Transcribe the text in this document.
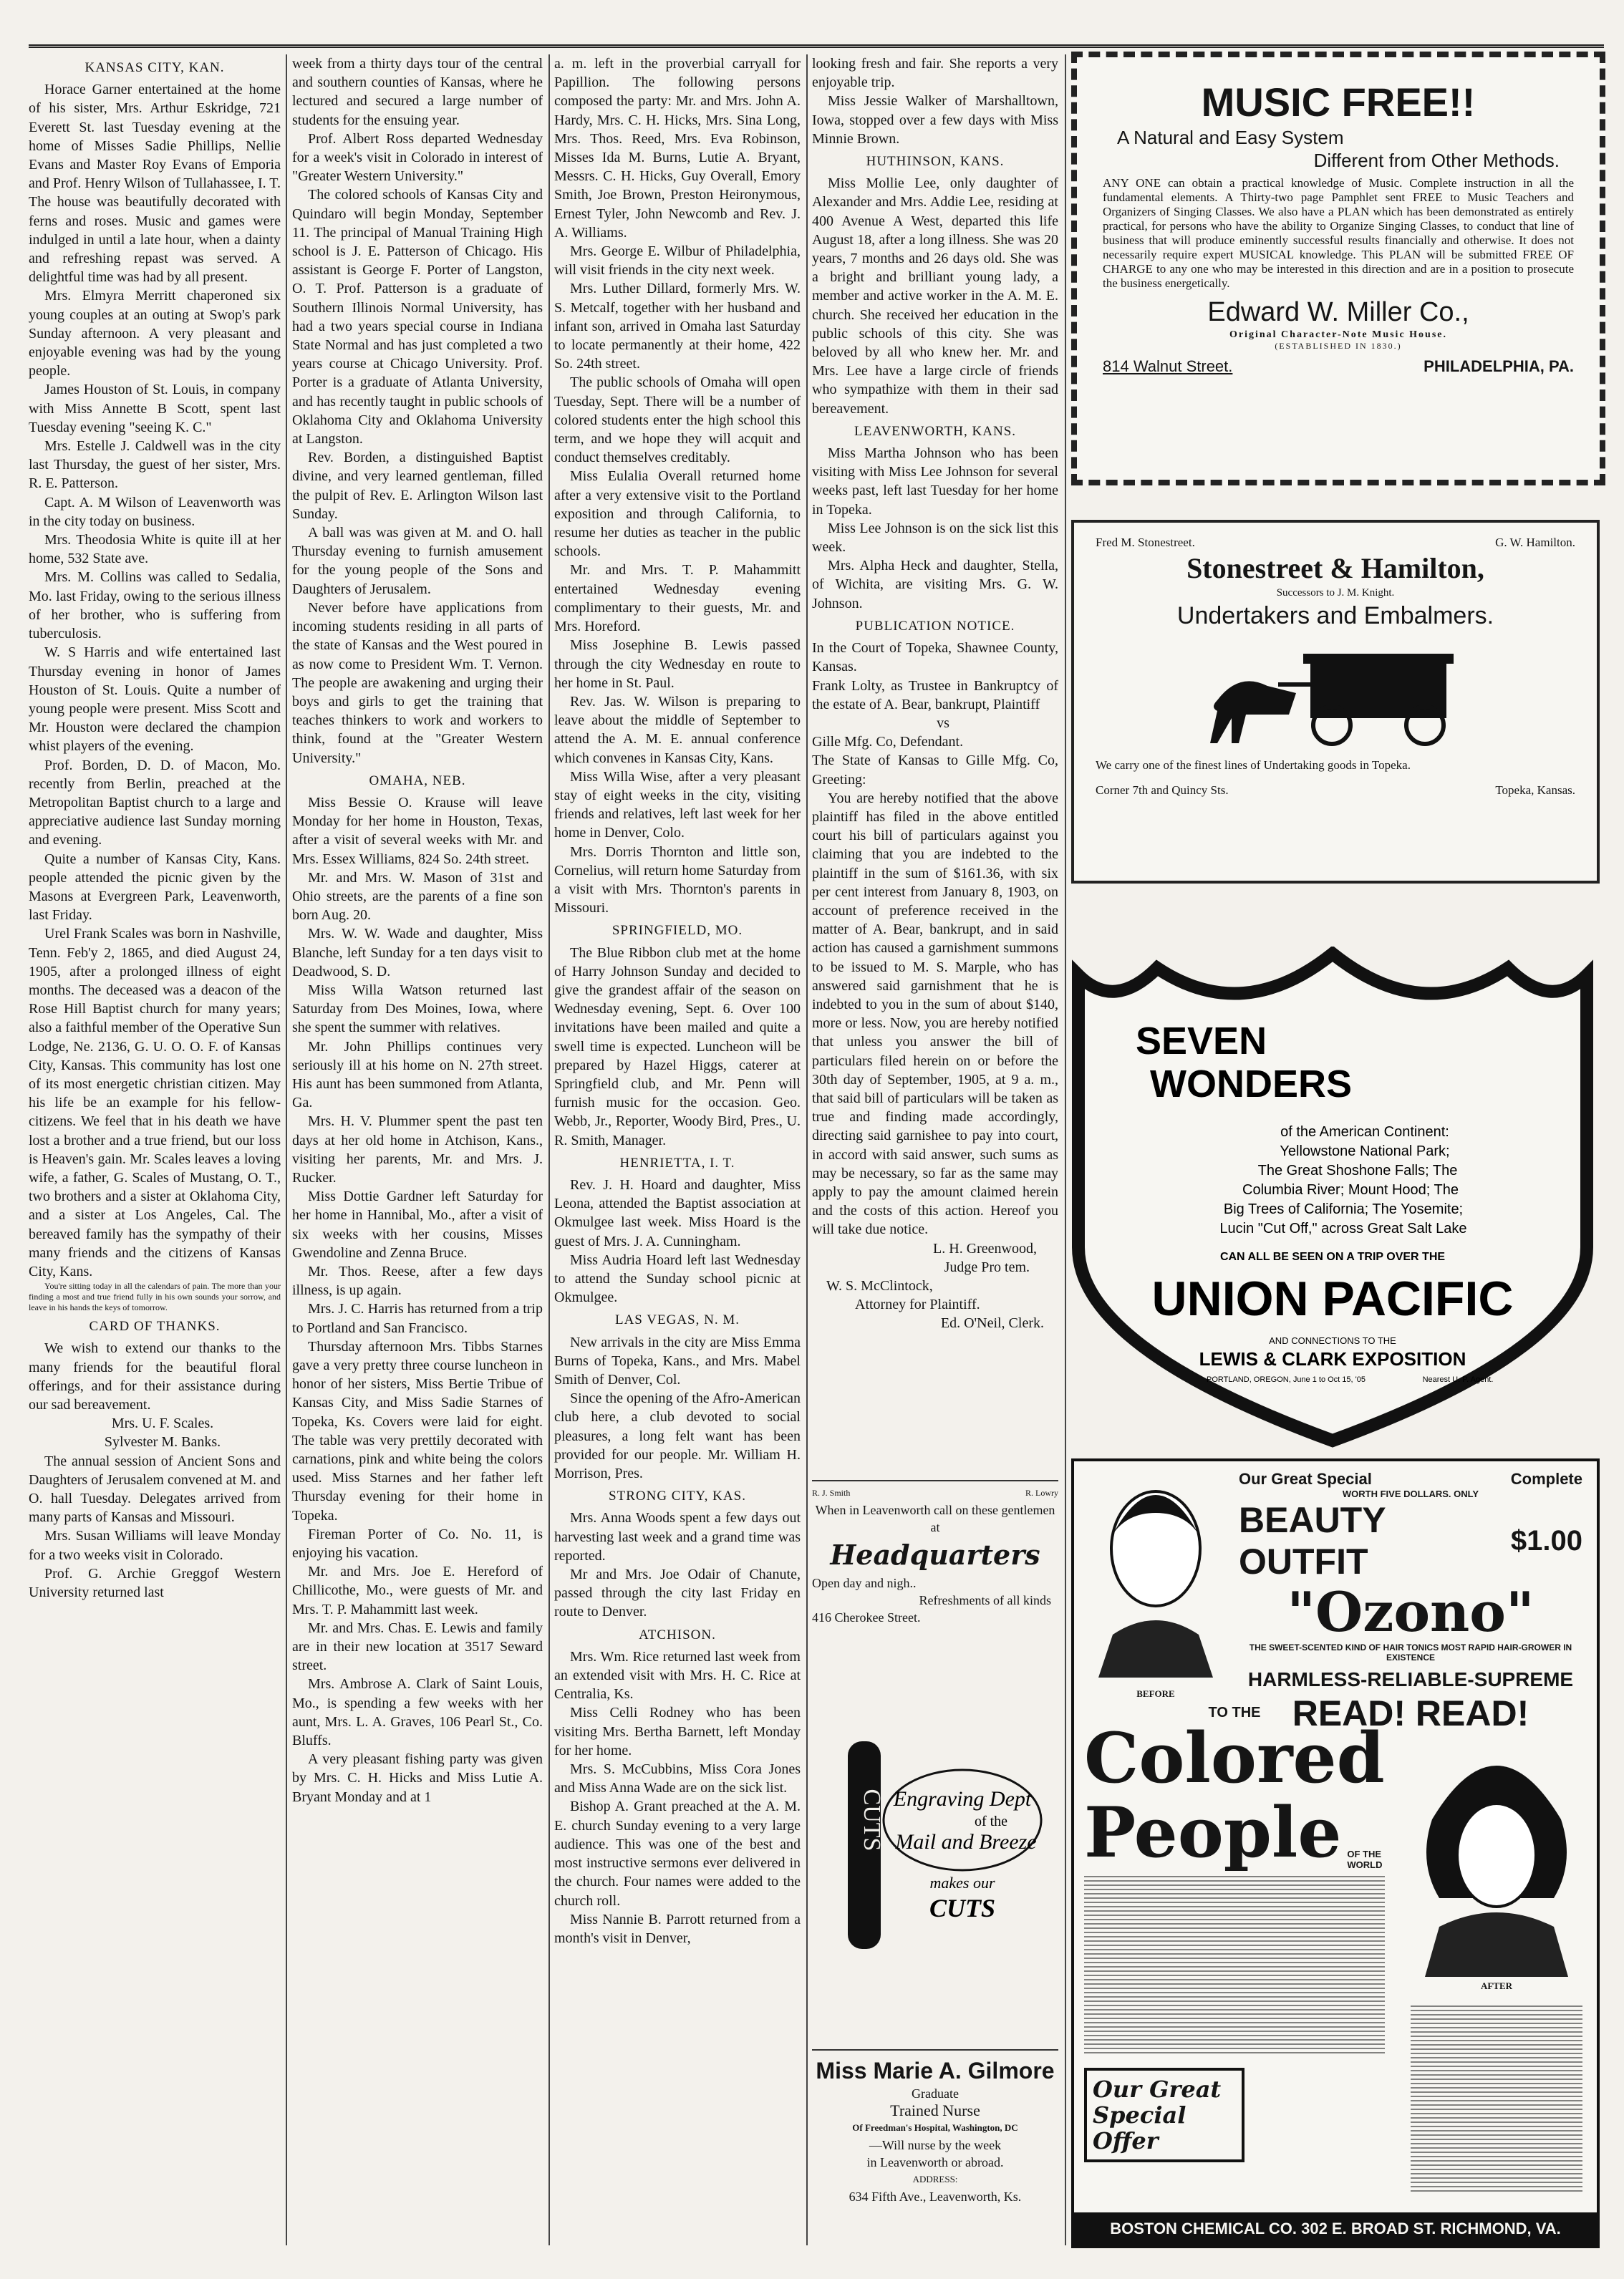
KANSAS CITY, KAN.

Horace Garner entertained at the home of his sister, Mrs. Arthur Eskridge, 721 Everett St. last Tuesday evening at the home of Misses Sadie Phillips, Nellie Evans and Master Roy Evans of Emporia and Prof. Henry Wilson of Tullahassee, I. T. The house was beautifully decorated with ferns and roses. Music and games were indulged in until a late hour, when a dainty and refreshing repast was served. A delightful time was had by all present.

Mrs. Elmyra Merritt chaperoned six young couples at an outing at Swop's park Sunday afternoon. A very pleasant and enjoyable evening was had by the young people.

James Houston of St. Louis, in company with Miss Annette B Scott, spent last Tuesday evening "seeing K. C."

Mrs. Estelle J. Caldwell was in the city last Thursday, the guest of her sister, Mrs. R. E. Patterson.

Capt. A. M Wilson of Leavenworth was in the city today on business.

Mrs. Theodosia White is quite ill at her home, 532 State ave.

Mrs. M. Collins was called to Sedalia, Mo. last Friday, owing to the serious illness of her brother, who is suffering from tuberculosis.

W. S Harris and wife entertained last Thursday evening in honor of James Houston of St. Louis. Quite a number of young people were present. Miss Scott and Mr. Houston were declared the champion whist players of the evening.

Prof. Borden, D. D. of Macon, Mo. recently from Berlin, preached at the Metropolitan Baptist church to a large and appreciative audience last Sunday morning and evening.

Quite a number of Kansas City, Kans. people attended the picnic given by the Masons at Evergreen Park, Leavenworth, last Friday.

Urel Frank Scales was born in Nashville, Tenn. Feb'y 2, 1865, and died August 24, 1905, after a prolonged illness of eight months. The deceased was a deacon of the Rose Hill Baptist church for many years; also a faithful member of the Operative Sun Lodge, Ne. 2136, G. U. O. O. F. of Kansas City, Kansas. This community has lost one of its most energetic christian citizen. May his life be an example for his fellow-citizens. We feel that in his death we have lost a brother and a true friend, but our loss is Heaven's gain. Mr. Scales leaves a loving wife, a father, G. Scales of Mustang, O. T., two brothers and a sister at Oklahoma City, and a sister at Los Angeles, Cal. The bereaved family has the sympathy of their many friends and the citizens of Kansas City, Kans.

You're sitting today in all the calendars of pain. The more than your finding a most and true friend fully in his own sounds your sorrow, and leave in his hands the keys of tomorrow.

CARD OF THANKS.

We wish to extend our thanks to the many friends for the beautiful floral offerings, and for their assistance during our sad bereavement.

Mrs. U. F. Scales.

Sylvester M. Banks.

The annual session of Ancient Sons and Daughters of Jerusalem convened at M. and O. hall Tuesday. Delegates arrived from many parts of Kansas and Missouri.

Mrs. Susan Williams will leave Monday for a two weeks visit in Colorado.

Prof. G. Archie Greggof Western University returned last

week from a thirty days tour of the central and southern counties of Kansas, where he lectured and secured a large number of students for the ensuing year.

Prof. Albert Ross departed Wednesday for a week's visit in Colorado in interest of "Greater Western University."

The colored schools of Kansas City and Quindaro will begin Monday, September 11. The principal of Manual Training High school is J. E. Patterson of Chicago. His assistant is George F. Porter of Langston, O. T. Prof. Patterson is a graduate of Southern Illinois Normal University, has had a two years special course in Indiana State Normal and has just completed a two years course at Chicago University. Prof. Porter is a graduate of Atlanta University, and has recently taught in public schools of Oklahoma City and Oklahoma University at Langston.

Rev. Borden, a distinguished Baptist divine, and very learned gentleman, filled the pulpit of Rev. E. Arlington Wilson last Sunday.

A ball was was given at M. and O. hall Thursday evening to furnish amusement for the young people of the Sons and Daughters of Jerusalem.

Never before have applications from incoming students residing in all parts of the state of Kansas and the West poured in as now come to President Wm. T. Vernon. The people are awakening and urging their boys and girls to get the training that teaches thinkers to work and workers to think, found at the "Greater Western University."

OMAHA, NEB.

Miss Bessie O. Krause will leave Monday for her home in Houston, Texas, after a visit of several weeks with Mr. and Mrs. Essex Williams, 824 So. 24th street.

Mr. and Mrs. W. Mason of 31st and Ohio streets, are the parents of a fine son born Aug. 20.

Mrs. W. W. Wade and daughter, Miss Blanche, left Sunday for a ten days visit to Deadwood, S. D.

Miss Willa Watson returned last Saturday from Des Moines, Iowa, where she spent the summer with relatives.

Mr. John Phillips continues very seriously ill at his home on N. 27th street. His aunt has been summoned from Atlanta, Ga.

Mrs. H. V. Plummer spent the past ten days at her old home in Atchison, Kans., visiting her parents, Mr. and Mrs. J. Rucker.

Miss Dottie Gardner left Saturday for her home in Hannibal, Mo., after a visit of six weeks with her cousins, Misses Gwendoline and Zenna Bruce.

Mr. Thos. Reese, after a few days illness, is up again.

Mrs. J. C. Harris has returned from a trip to Portland and San Francisco.

Thursday afternoon Mrs. Tibbs Starnes gave a very pretty three course luncheon in honor of her sisters, Miss Bertie Tribue of Kansas City, and Miss Sadie Starnes of Topeka, Ks. Covers were laid for eight. The table was very prettily decorated with carnations, pink and white being the colors used. Miss Starnes and her father left Thursday evening for their home in Topeka.

Fireman Porter of Co. No. 11, is enjoying his vacation.

Mr. and Mrs. Joe E. Hereford of Chillicothe, Mo., were guests of Mr. and Mrs. T. P. Mahammitt last week.

Mr. and Mrs. Chas. E. Lewis and family are in their new location at 3517 Seward street.

Mrs. Ambrose A. Clark of Saint Louis, Mo., is spending a few weeks with her aunt, Mrs. L. A. Graves, 106 Pearl St., Co. Bluffs.

A very pleasant fishing party was given by Mrs. C. H. Hicks and Miss Lutie A. Bryant Monday and at 1

a. m. left in the proverbial carryall for Papillion. The following persons composed the party: Mr. and Mrs. John A. Hardy, Mrs. C. H. Hicks, Mrs. Sina Long, Mrs. Thos. Reed, Mrs. Eva Robinson, Misses Ida M. Burns, Lutie A. Bryant, Messrs. C. H. Hicks, Guy Overall, Emory Smith, Joe Brown, Preston Heironymous, Ernest Tyler, John Newcomb and Rev. J. A. Williams.

Mrs. George E. Wilbur of Philadelphia, will visit friends in the city next week.

Mrs. Luther Dillard, formerly Mrs. W. S. Metcalf, together with her husband and infant son, arrived in Omaha last Saturday to locate permanently at their home, 422 So. 24th street.

The public schools of Omaha will open Tuesday, Sept. There will be a number of colored students enter the high school this term, and we hope they will acquit and conduct themselves creditably.

Miss Eulalia Overall returned home after a very extensive visit to the Portland exposition and through California, to resume her duties as teacher in the public schools.

Mr. and Mrs. T. P. Mahammitt entertained Wednesday evening complimentary to their guests, Mr. and Mrs. Horeford.

Miss Josephine B. Lewis passed through the city Wednesday en route to her home in St. Paul.

Rev. Jas. W. Wilson is preparing to leave about the middle of September to attend the A. M. E. annual conference which convenes in Kansas City, Kans.

Miss Willa Wise, after a very pleasant stay of eight weeks in the city, visiting friends and relatives, left last week for her home in Denver, Colo.

Mrs. Dorris Thornton and little son, Cornelius, will return home Saturday from a visit with Mrs. Thornton's parents in Missouri.

SPRINGFIELD, MO.

The Blue Ribbon club met at the home of Harry Johnson Sunday and decided to give the grandest affair of the season on Wednesday evening, Sept. 6. Over 100 invitations have been mailed and quite a swell time is expected. Luncheon will be prepared by Hazel Higgs, caterer at Springfield club, and Mr. Penn will furnish music for the occasion. Geo. Webb, Jr., Reporter, Woody Bird, Pres., U. R. Smith, Manager.

HENRIETTA, I. T.

Rev. J. H. Hoard and daughter, Miss Leona, attended the Baptist association at Okmulgee last week. Miss Hoard is the guest of Mrs. J. A. Cunningham.

Miss Audria Hoard left last Wednesday to attend the Sunday school picnic at Okmulgee.

LAS VEGAS, N. M.

New arrivals in the city are Miss Emma Burns of Topeka, Kans., and Mrs. Mabel Smith of Denver, Col.

Since the opening of the Afro-American club here, a club devoted to social pleasures, a long felt want has been provided for our people. Mr. William H. Morrison, Pres.

STRONG CITY, KAS.

Mrs. Anna Woods spent a few days out harvesting last week and a grand time was reported.

Mr and Mrs. Joe Odair of Chanute, passed through the city last Friday en route to Denver.

ATCHISON.

Mrs. Wm. Rice returned last week from an extended visit with Mrs. H. C. Rice at Centralia, Ks.

Miss Celli Rodney who has been visiting Mrs. Bertha Barnett, left Monday for her home.

Mrs. S. McCubbins, Miss Cora Jones and Miss Anna Wade are on the sick list.

Bishop A. Grant preached at the A. M. E. church Sunday evening to a very large audience. This was one of the best and most instructive sermons ever delivered in the church. Four names were added to the church roll.

Miss Nannie B. Parrott returned from a month's visit in Denver,

looking fresh and fair. She reports a very enjoyable trip.

Miss Jessie Walker of Marshalltown, Iowa, stopped over a few days with Miss Minnie Brown.

HUTHINSON, KANS.

Miss Mollie Lee, only daughter of Alexander and Mrs. Addie Lee, residing at 400 Avenue A West, departed this life August 18, after a long illness. She was 20 years, 7 months and 26 days old. She was a bright and brilliant young lady, a member and active worker in the A. M. E. church. She received her education in the public schools of this city. She was beloved by all who knew her. Mr. and Mrs. Lee have a large circle of friends who sympathize with them in their sad bereavement.

LEAVENWORTH, KANS.

Miss Martha Johnson who has been visiting with Miss Lee Johnson for several weeks past, left last Tuesday for her home in Topeka.

Miss Lee Johnson is on the sick list this week.

Mrs. Alpha Heck and daughter, Stella, of Wichita, are visiting Mrs. G. W. Johnson.

PUBLICATION NOTICE.

In the Court of Topeka, Shawnee County, Kansas.

Frank Lolty, as Trustee in Bankruptcy of the estate of A. Bear, bankrupt, Plaintiff

vs

Gille Mfg. Co, Defendant.

The State of Kansas to Gille Mfg. Co, Greeting:

You are hereby notified that the above plaintiff has filed in the above entitled court his bill of particulars against you claiming that you are indebted to the plaintiff in the sum of $161.36, with six per cent interest from January 8, 1903, on account of preference received in the matter of A. Bear, bankrupt, and in said action has caused a garnishment summons to be issued to M. S. Marple, who has answered said garnishment that he is indebted to you in the sum of about $140, more or less. Now, you are hereby notified that unless you answer the bill of particulars filed herein on or before the 30th day of September, 1905, at 9 a. m., that said bill of particulars will be taken as true and finding made accordingly, directing said garnishee to pay into court, in accord with said answer, such sums as may be necessary, so far as the same may apply to pay the amount claimed herein and the costs of this action. Hereof you will take due notice.

L. H. Greenwood,

Judge Pro tem.

W. S. McClintock,

Attorney for Plaintiff.

Ed. O'Neil, Clerk.

R. J. Smith	R. Lowry
When in Leavenworth call on these gentlemen at
Headquarters
Open day and nigh..
Refreshments of all kinds
416 Cherokee Street.
CUTS Engraving Dept
of the
Mail and Breeze
makes our
CUTS
Miss Marie A. Gilmore
Graduate
Trained Nurse
Of Freedman's Hospital, Washington, DC
—Will nurse by the week
in Leavenworth or abroad.
ADDRESS:
634 Fifth Ave., Leavenworth, Ks.
MUSIC FREE!!
A Natural and Easy System
Different from Other Methods.
ANY ONE can obtain a practical knowledge of Music. Complete instruction in all the fundamental elements. A Thirty-two page Pamphlet sent FREE to Music Teachers and Organizers of Singing Classes. We also have a PLAN which has been demonstrated as entirely practical, for persons who have the ability to Organize Singing Classes, to conduct that line of business that will produce eminently successful results financially and otherwise. It does not necessarily require expert MUSICAL knowledge. This PLAN will be submitted FREE OF CHARGE to any one who may be interested in this direction and are in a position to prosecute the business energetically.
Edward W. Miller Co.,
Original Character-Note Music House.
(ESTABLISHED IN 1830.)
814 Walnut Street.	PHILADELPHIA, PA.
Fred M. Stonestreet.	G. W. Hamilton.
Stonestreet & Hamilton,
Successors to J. M. Knight.
Undertakers and Embalmers.
We carry one of the finest lines of Undertaking goods in Topeka.
Corner 7th and Quincy Sts.	Topeka, Kansas.
SEVEN
WONDERS
of the American Continent:
Yellowstone National Park;
The Great Shoshone Falls; The
Columbia River; Mount Hood; The
Big Trees of California; The Yosemite;
Lucin "Cut Off," across Great Salt Lake
CAN ALL BE SEEN ON A TRIP OVER THE
UNION PACIFIC
AND CONNECTIONS TO THE
LEWIS & CLARK EXPOSITION
PORTLAND, OREGON, June 1 to Oct 15, '05	Nearest U. P. Agent.
BEFORE
Our Great Special	Complete
WORTH FIVE DOLLARS. ONLY
BEAUTY OUTFIT
$1.00
"Ozono"
THE SWEET-SCENTED KIND OF HAIR TONICS MOST RAPID HAIR-GROWER IN EXISTENCE
HARMLESS-RELIABLE-SUPREME
READ! READ!
TO THE
Colored
People OF THE WORLD
Our Great Special Offer
AFTER
BOSTON CHEMICAL CO. 302 E. BROAD ST. RICHMOND, VA.
